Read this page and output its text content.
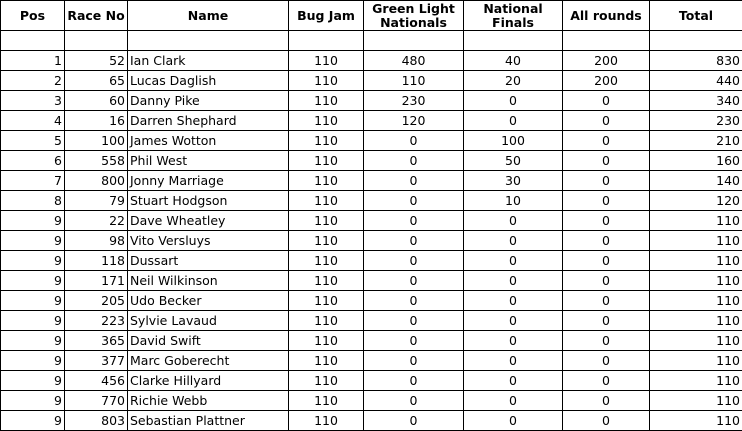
Pos	Race No	Name	Bug Jam	Green Light Nationals	National Finals	All rounds	Total

1	52	Ian Clark	110	480	40	200	830
2	65	Lucas Daglish	110	110	20	200	440
3	60	Danny Pike	110	230	0	0	340
4	16	Darren Shephard	110	120	0	0	230
5	100	James Wotton	110	0	100	0	210
6	558	Phil West	110	0	50	0	160
7	800	Jonny Marriage	110	0	30	0	140
8	79	Stuart Hodgson	110	0	10	0	120
9	22	Dave Wheatley	110	0	0	0	110
9	98	Vito Versluys	110	0	0	0	110
9	118	Dussart	110	0	0	0	110
9	171	Neil Wilkinson	110	0	0	0	110
9	205	Udo Becker	110	0	0	0	110
9	223	Sylvie Lavaud	110	0	0	0	110
9	365	David Swift	110	0	0	0	110
9	377	Marc Goberecht	110	0	0	0	110
9	456	Clarke Hillyard	110	0	0	0	110
9	770	Richie Webb	110	0	0	0	110
9	803	Sebastian Plattner	110	0	0	0	110
